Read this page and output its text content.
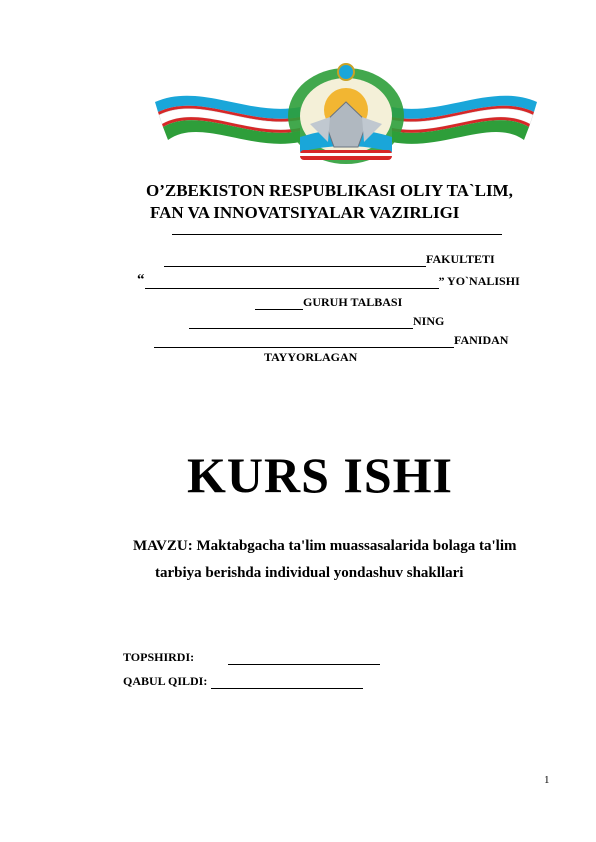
O’ZBEKISTON RESPUBLIKASI OLIY TA`LIM,
FAN VA INNOVATSIYALAR VAZIRLIGI
FAKULTETI
“	” YO`NALISHI
GURUH TALBASI
NING
FANIDAN
TAYYORLAGAN
KURS ISHI
MAVZU: Maktabgacha ta'lim muassasalarida bolaga ta'lim
tarbiya berishda individual yondashuv shakllari
TOPSHIRDI:
QABUL QILDI:
1
